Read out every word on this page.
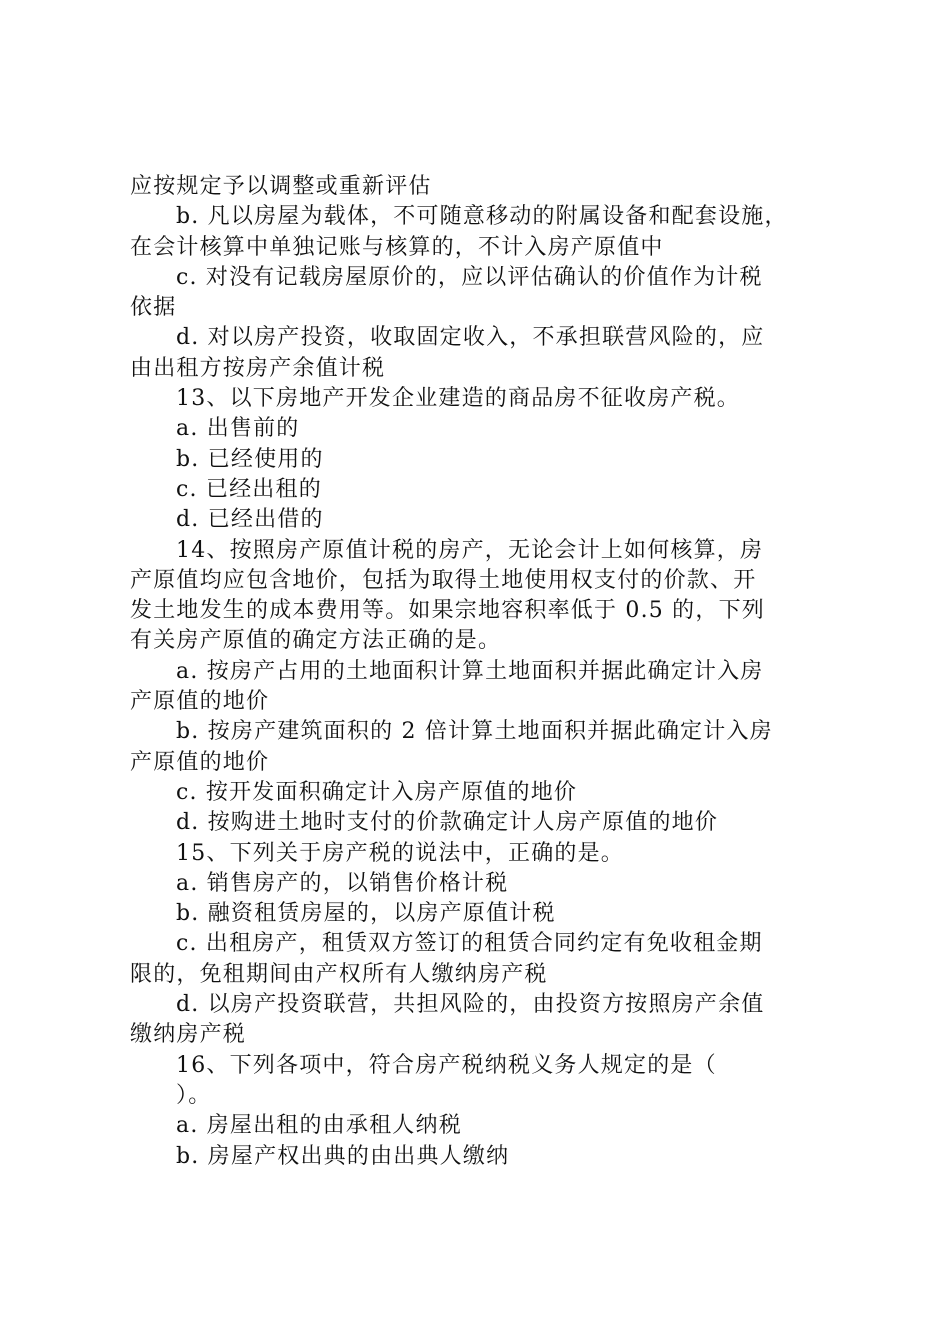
应按规定予以调整或重新评估
b. 凡以房屋为载体，不可随意移动的附属设备和配套设施，
在会计核算中单独记账与核算的，不计入房产原值中
c. 对没有记载房屋原价的，应以评估确认的价值作为计税
依据
d. 对以房产投资，收取固定收入，不承担联营风险的，应
由出租方按房产余值计税
13、以下房地产开发企业建造的商品房不征收房产税。
a. 出售前的
b. 已经使用的
c. 已经出租的
d. 已经出借的
14、按照房产原值计税的房产，无论会计上如何核算，房
产原值均应包含地价，包括为取得土地使用权支付的价款、开
发土地发生的成本费用等。如果宗地容积率低于 0.5 的，下列
有关房产原值的确定方法正确的是。
a. 按房产占用的土地面积计算土地面积并据此确定计入房
产原值的地价
b. 按房产建筑面积的 2 倍计算土地面积并据此确定计入房
产原值的地价
c. 按开发面积确定计入房产原值的地价
d. 按购进土地时支付的价款确定计人房产原值的地价
15、下列关于房产税的说法中，正确的是。
a. 销售房产的，以销售价格计税
b. 融资租赁房屋的，以房产原值计税
c. 出租房产，租赁双方签订的租赁合同约定有免收租金期
限的，免租期间由产权所有人缴纳房产税
d. 以房产投资联营，共担风险的，由投资方按照房产余值
缴纳房产税
16、下列各项中，符合房产税纳税义务人规定的是（
）。
a. 房屋出租的由承租人纳税
b. 房屋产权出典的由出典人缴纳
